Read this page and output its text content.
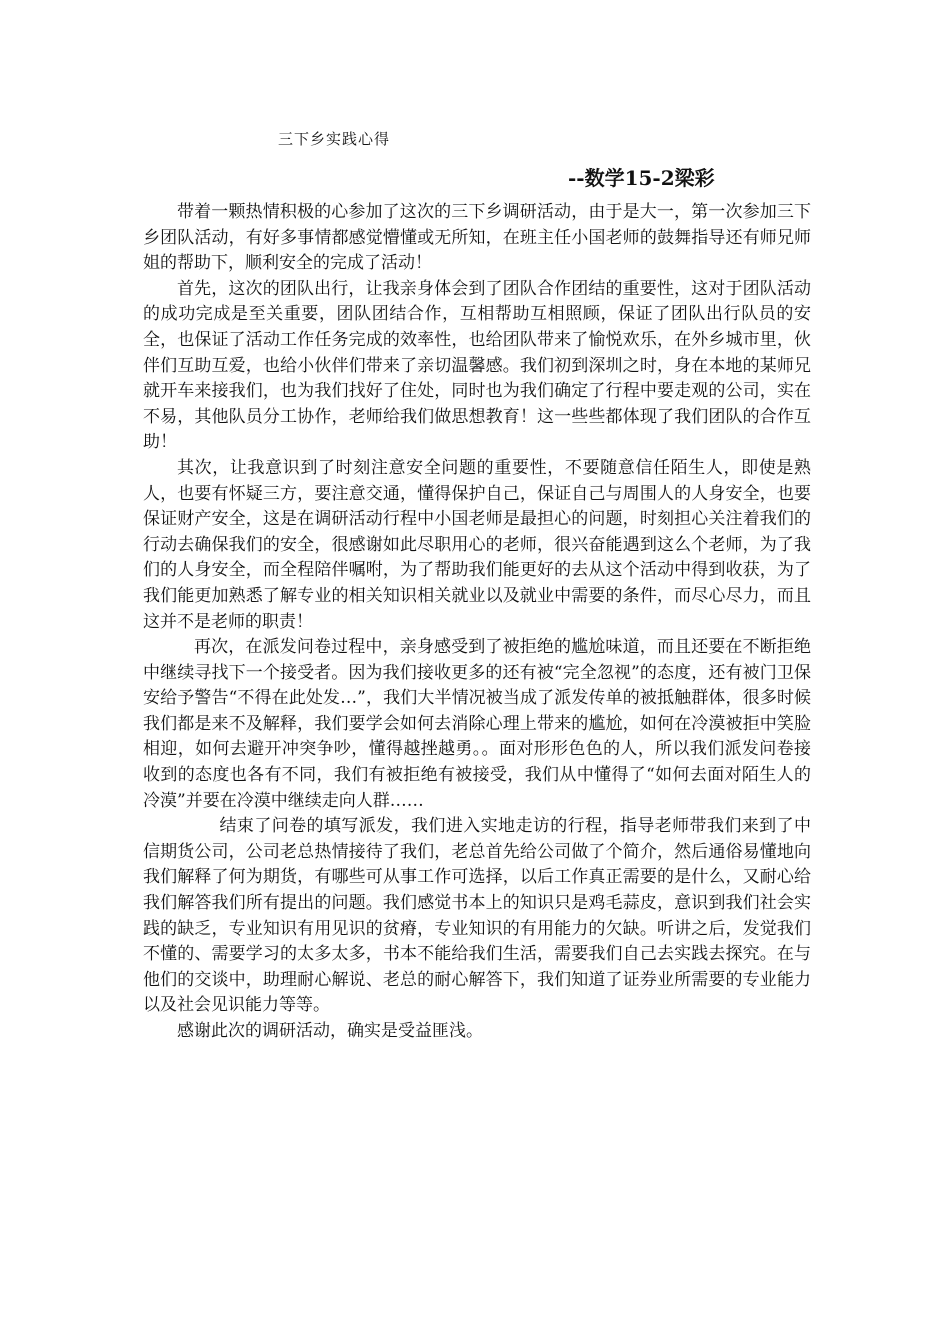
三下乡实践心得
--数学15-2梁彩

带着一颗热情积极的心参加了这次的三下乡调研活动，由于是大一，第一次参加三下乡团队活动，有好多事情都感觉懵懂或无所知，在班主任小国老师的鼓舞指导还有师兄师姐的帮助下，顺利安全的完成了活动！

首先，这次的团队出行，让我亲身体会到了团队合作团结的重要性，这对于团队活动的成功完成是至关重要，团队团结合作，互相帮助互相照顾，保证了团队出行队员的安全，也保证了活动工作任务完成的效率性，也给团队带来了愉悦欢乐，在外乡城市里，伙伴们互助互爱，也给小伙伴们带来了亲切温馨感。我们初到深圳之时，身在本地的某师兄就开车来接我们，也为我们找好了住处，同时也为我们确定了行程中要走观的公司，实在不易，其他队员分工协作，老师给我们做思想教育！这一些些都体现了我们团队的合作互助！

其次，让我意识到了时刻注意安全问题的重要性，不要随意信任陌生人，即使是熟人，也要有怀疑三方，要注意交通，懂得保护自己，保证自己与周围人的人身安全，也要保证财产安全，这是在调研活动行程中小国老师是最担心的问题，时刻担心关注着我们的行动去确保我们的安全，很感谢如此尽职用心的老师，很兴奋能遇到这么个老师，为了我们的人身安全，而全程陪伴嘱咐，为了帮助我们能更好的去从这个活动中得到收获，为了我们能更加熟悉了解专业的相关知识相关就业以及就业中需要的条件，而尽心尽力，而且这并不是老师的职责！

再次，在派发问卷过程中，亲身感受到了被拒绝的尴尬味道，而且还要在不断拒绝中继续寻找下一个接受者。因为我们接收更多的还有被“完全忽视”的态度，还有被门卫保安给予警告“不得在此处发…”，我们大半情况被当成了派发传单的被抵触群体，很多时候我们都是来不及解释，我们要学会如何去消除心理上带来的尴尬，如何在冷漠被拒中笑脸相迎，如何去避开冲突争吵，懂得越挫越勇。。面对形形色色的人，所以我们派发问卷接收到的态度也各有不同，我们有被拒绝有被接受，我们从中懂得了“如何去面对陌生人的冷漠”并要在冷漠中继续走向人群……

结束了问卷的填写派发，我们进入实地走访的行程，指导老师带我们来到了中信期货公司，公司老总热情接待了我们，老总首先给公司做了个简介，然后通俗易懂地向我们解释了何为期货，有哪些可从事工作可选择，以后工作真正需要的是什么，又耐心给我们解答我们所有提出的问题。我们感觉书本上的知识只是鸡毛蒜皮，意识到我们社会实践的缺乏，专业知识有用见识的贫瘠，专业知识的有用能力的欠缺。听讲之后，发觉我们不懂的、需要学习的太多太多，书本不能给我们生活，需要我们自己去实践去探究。在与他们的交谈中，助理耐心解说、老总的耐心解答下，我们知道了证券业所需要的专业能力以及社会见识能力等等。

感谢此次的调研活动，确实是受益匪浅。
